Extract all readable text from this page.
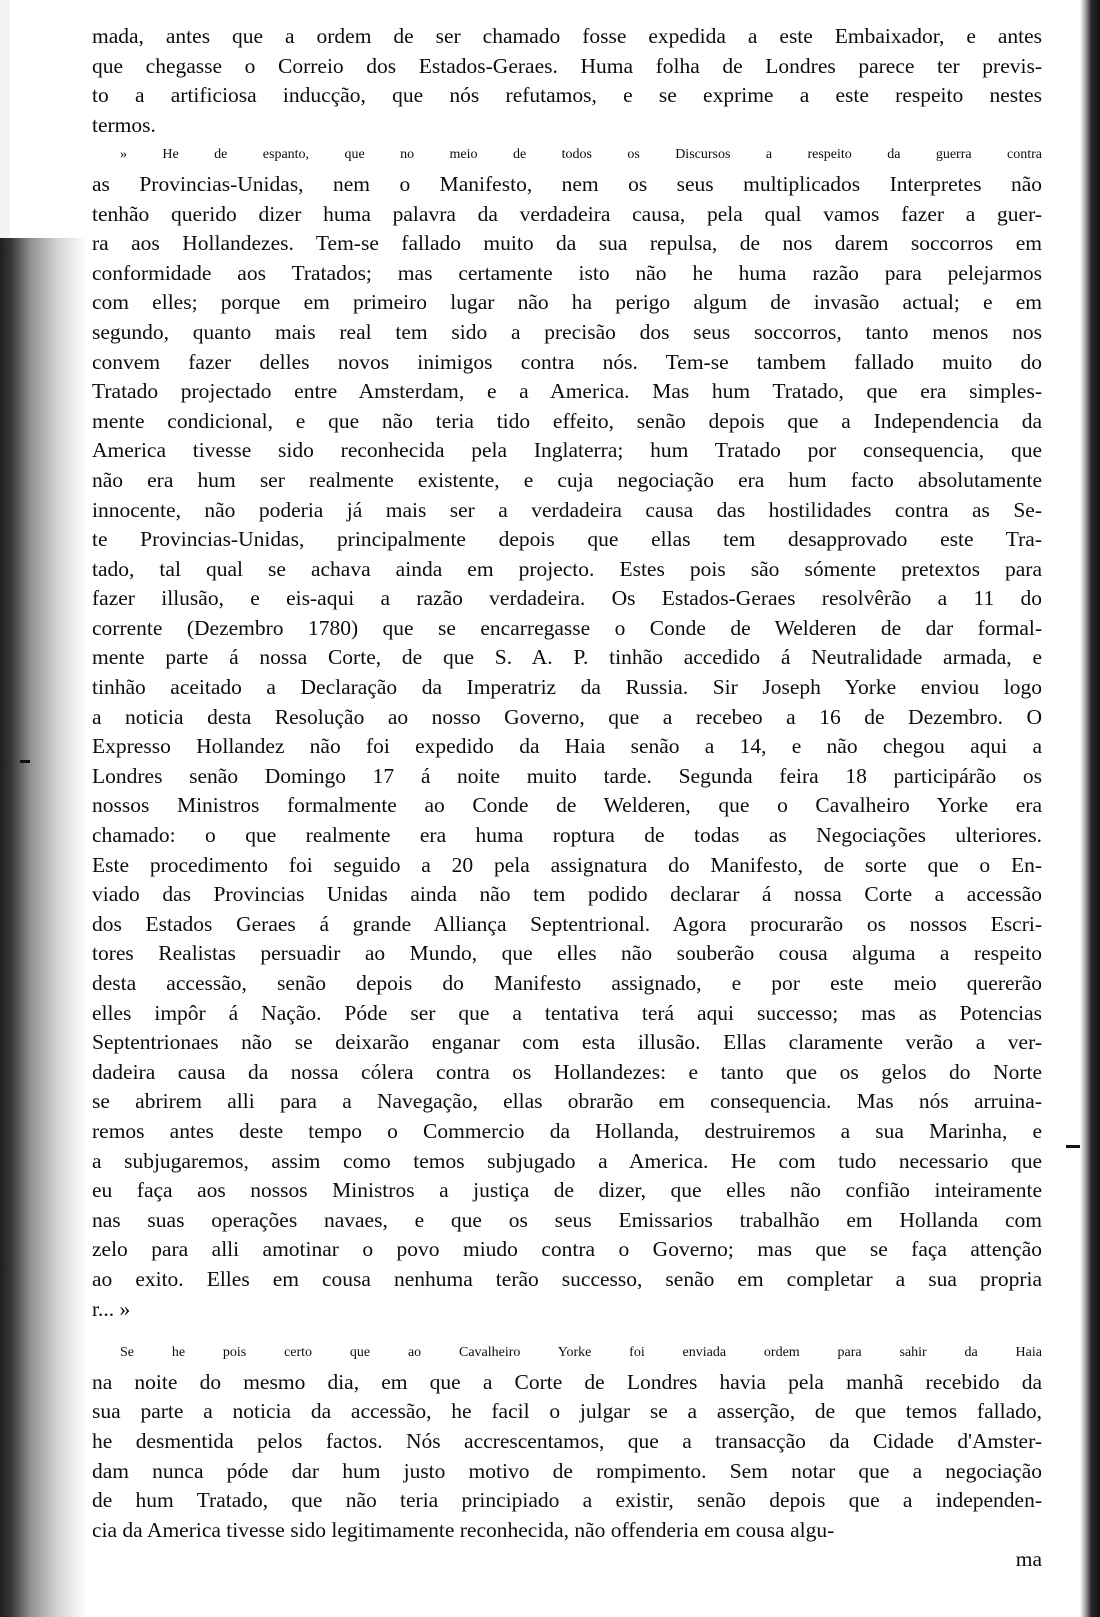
mada, antes que a ordem de ser chamado fosse expedida a este Embaixador, e antes
que chegasse o Correio dos Estados-Geraes. Huma folha de Londres parece ter previs-
to a artificiosa inducção, que nós refutamos, e se exprime a este respeito nestes
termos.
» He de espanto, que no meio de todos os Discursos a respeito da guerra contra
as Provincias-Unidas, nem o Manifesto, nem os seus multiplicados Interpretes não
tenhão querido dizer huma palavra da verdadeira causa, pela qual vamos fazer a guer-
ra aos Hollandezes. Tem-se fallado muito da sua repulsa, de nos darem soccorros em
conformidade aos Tratados; mas certamente isto não he huma razão para pelejarmos
com elles; porque em primeiro lugar não ha perigo algum de invasão actual; e em
segundo, quanto mais real tem sido a precisão dos seus soccorros, tanto menos nos
convem fazer delles novos inimigos contra nós. Tem-se tambem fallado muito do
Tratado projectado entre Amsterdam, e a America. Mas hum Tratado, que era simples-
mente condicional, e que não teria tido effeito, senão depois que a Independencia da
America tivesse sido reconhecida pela Inglaterra; hum Tratado por consequencia, que
não era hum ser realmente existente, e cuja negociação era hum facto absolutamente
innocente, não poderia já mais ser a verdadeira causa das hostilidades contra as Se-
te Provincias-Unidas, principalmente depois que ellas tem desapprovado este Tra-
tado, tal qual se achava ainda em projecto. Estes pois são sómente pretextos para
fazer illusão, e eis-aqui a razão verdadeira. Os Estados-Geraes resolvêrão a 11 do
corrente (Dezembro 1780) que se encarregasse o Conde de Welderen de dar formal-
mente parte á nossa Corte, de que S. A. P. tinhão accedido á Neutralidade armada, e
tinhão aceitado a Declaração da Imperatriz da Russia. Sir Joseph Yorke enviou logo
a noticia desta Resolução ao nosso Governo, que a recebeo a 16 de Dezembro. O
Expresso Hollandez não foi expedido da Haia senão a 14, e não chegou aqui a
Londres senão Domingo 17 á noite muito tarde. Segunda feira 18 participárão os
nossos Ministros formalmente ao Conde de Welderen, que o Cavalheiro Yorke era
chamado: o que realmente era huma roptura de todas as Negociações ulteriores.
Este procedimento foi seguido a 20 pela assignatura do Manifesto, de sorte que o En-
viado das Provincias Unidas ainda não tem podido declarar á nossa Corte a accessão
dos Estados Geraes á grande Alliança Septentrional. Agora procurarão os nossos Escri-
tores Realistas persuadir ao Mundo, que elles não souberão cousa alguma a respeito
desta accessão, senão depois do Manifesto assignado, e por este meio quererão
elles impôr á Nação. Póde ser que a tentativa terá aqui successo; mas as Potencias
Septentrionaes não se deixarão enganar com esta illusão. Ellas claramente verão a ver-
dadeira causa da nossa cólera contra os Hollandezes: e tanto que os gelos do Norte
se abrirem alli para a Navegação, ellas obrarão em consequencia. Mas nós arruina-
remos antes deste tempo o Commercio da Hollanda, destruiremos a sua Marinha, e
a subjugaremos, assim como temos subjugado a America. He com tudo necessario que
eu faça aos nossos Ministros a justiça de dizer, que elles não confião inteiramente
nas suas operações navaes, e que os seus Emissarios trabalhão em Hollanda com
zelo para alli amotinar o povo miudo contra o Governo; mas que se faça attenção
ao exito. Elles em cousa nenhuma terão successo, senão em completar a sua propria
r... »
Se he pois certo que ao Cavalheiro Yorke foi enviada ordem para sahir da Haia
na noite do mesmo dia, em que a Corte de Londres havia pela manhã recebido da
sua parte a noticia da accessão, he facil o julgar se a asserção, de que temos fallado,
he desmentida pelos factos. Nós accrescentamos, que a transacção da Cidade d'Amster-
dam nunca póde dar hum justo motivo de rompimento. Sem notar que a negociação
de hum Tratado, que não teria principiado a existir, senão depois que a independen-
cia da America tivesse sido legitimamente reconhecida, não offenderia em cousa algu-
ma
